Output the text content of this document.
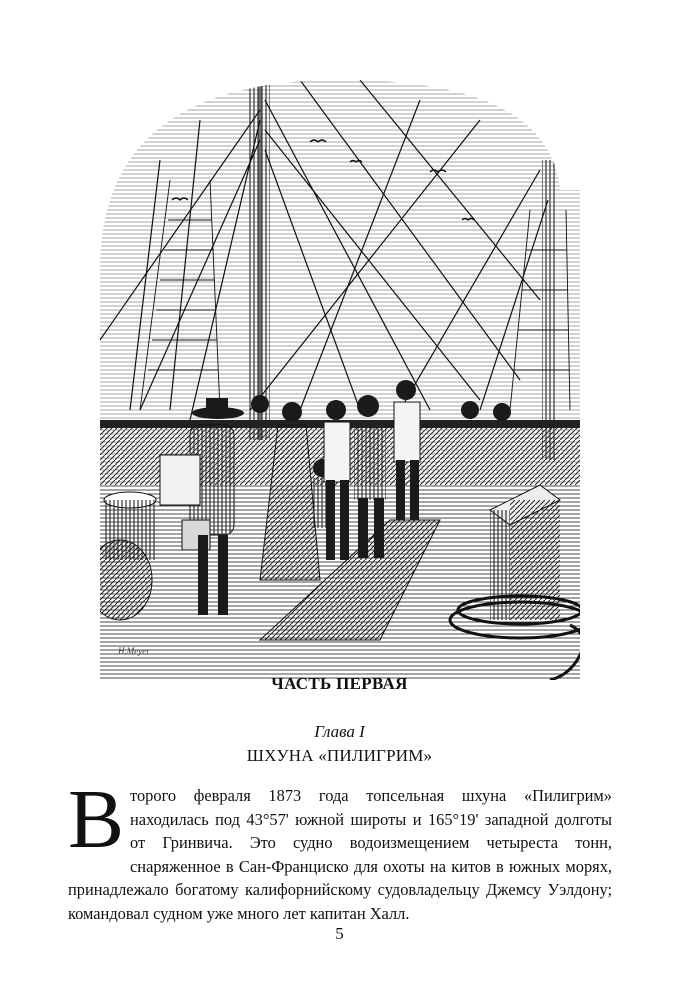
H.Meyer
ЧАСТЬ ПЕРВАЯ
Глава I
ШХУНА «ПИЛИГРИМ»
В торого февраля 1873 года топсельная шхуна «Пилигрим» находилась под 43°57' южной широты и 165°19' западной долготы от Гринвича. Это судно водоизмещением четыреста тонн, снаряженное в Сан-Франциско для охоты на китов в южных морях, принадлежало богатому калифорнийскому судовладельцу Джемсу Уэлдону; командовал судном уже много лет капитан Халл.
5
